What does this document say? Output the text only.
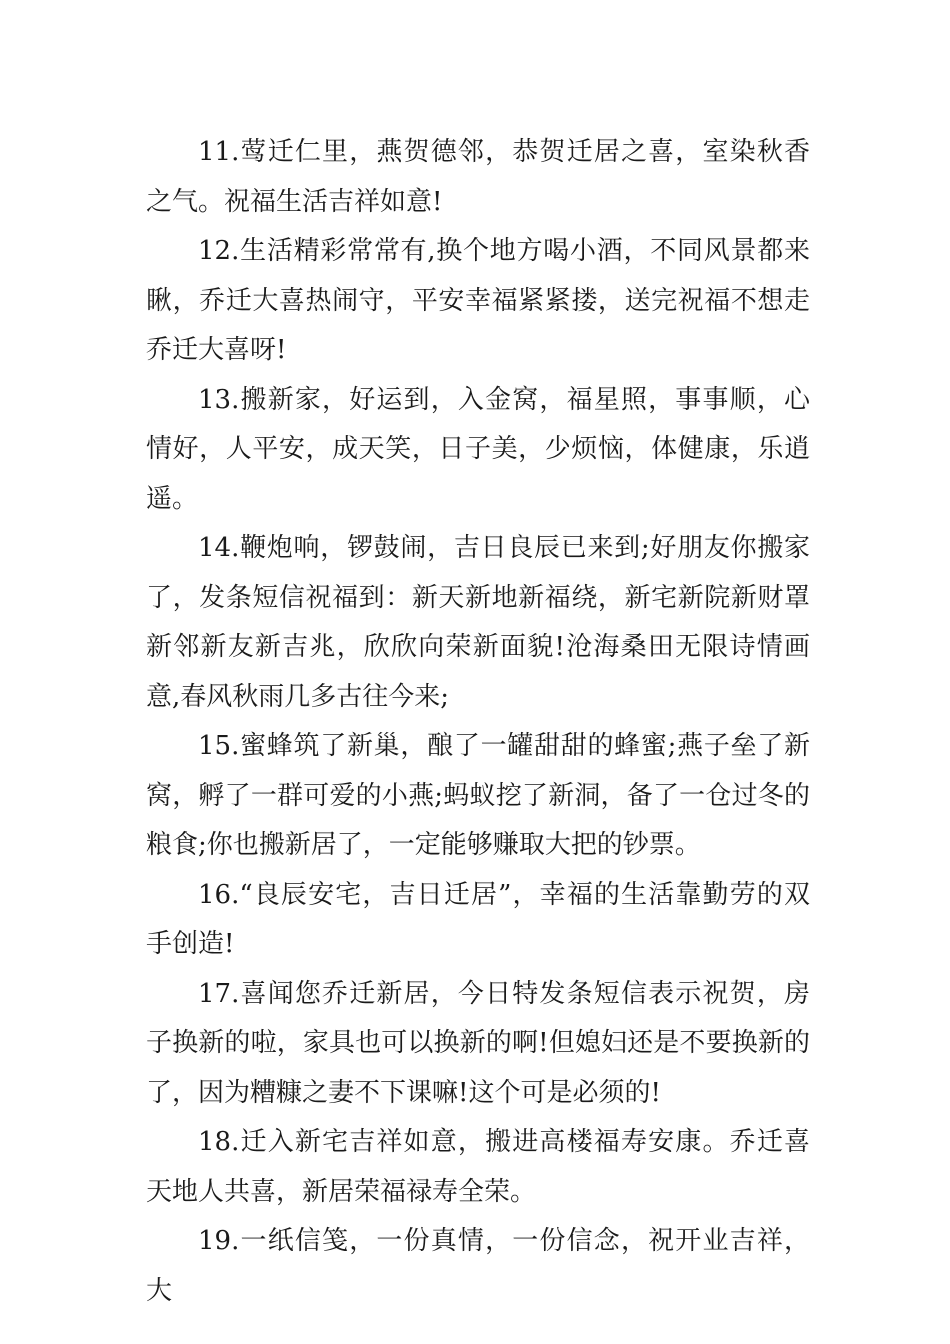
11.莺迁仁里，燕贺德邻，恭贺迁居之喜，室染秋香之气。祝福生活吉祥如意!

12.生活精彩常常有,换个地方喝小酒，不同风景都来瞅，乔迁大喜热闹守，平安幸福紧紧搂，送完祝福不想走乔迁大喜呀!

13.搬新家，好运到，入金窝，福星照，事事顺，心情好，人平安，成天笑，日子美，少烦恼，体健康，乐逍遥。

14.鞭炮响，锣鼓闹，吉日良辰已来到;好朋友你搬家了，发条短信祝福到：新天新地新福绕，新宅新院新财罩新邻新友新吉兆，欣欣向荣新面貌!沧海桑田无限诗情画意,春风秋雨几多古往今来;

15.蜜蜂筑了新巢，酿了一罐甜甜的蜂蜜;燕子垒了新窝，孵了一群可爱的小燕;蚂蚁挖了新洞，备了一仓过冬的粮食;你也搬新居了，一定能够赚取大把的钞票。

16.“良辰安宅，吉日迁居”，幸福的生活靠勤劳的双手创造!

17.喜闻您乔迁新居，今日特发条短信表示祝贺，房子换新的啦，家具也可以换新的啊!但媳妇还是不要换新的了，因为糟糠之妻不下课嘛!这个可是必须的!

18.迁入新宅吉祥如意，搬进高楼福寿安康。乔迁喜天地人共喜，新居荣福禄寿全荣。

19.一纸信笺，一份真情，一份信念，祝开业吉祥，大
